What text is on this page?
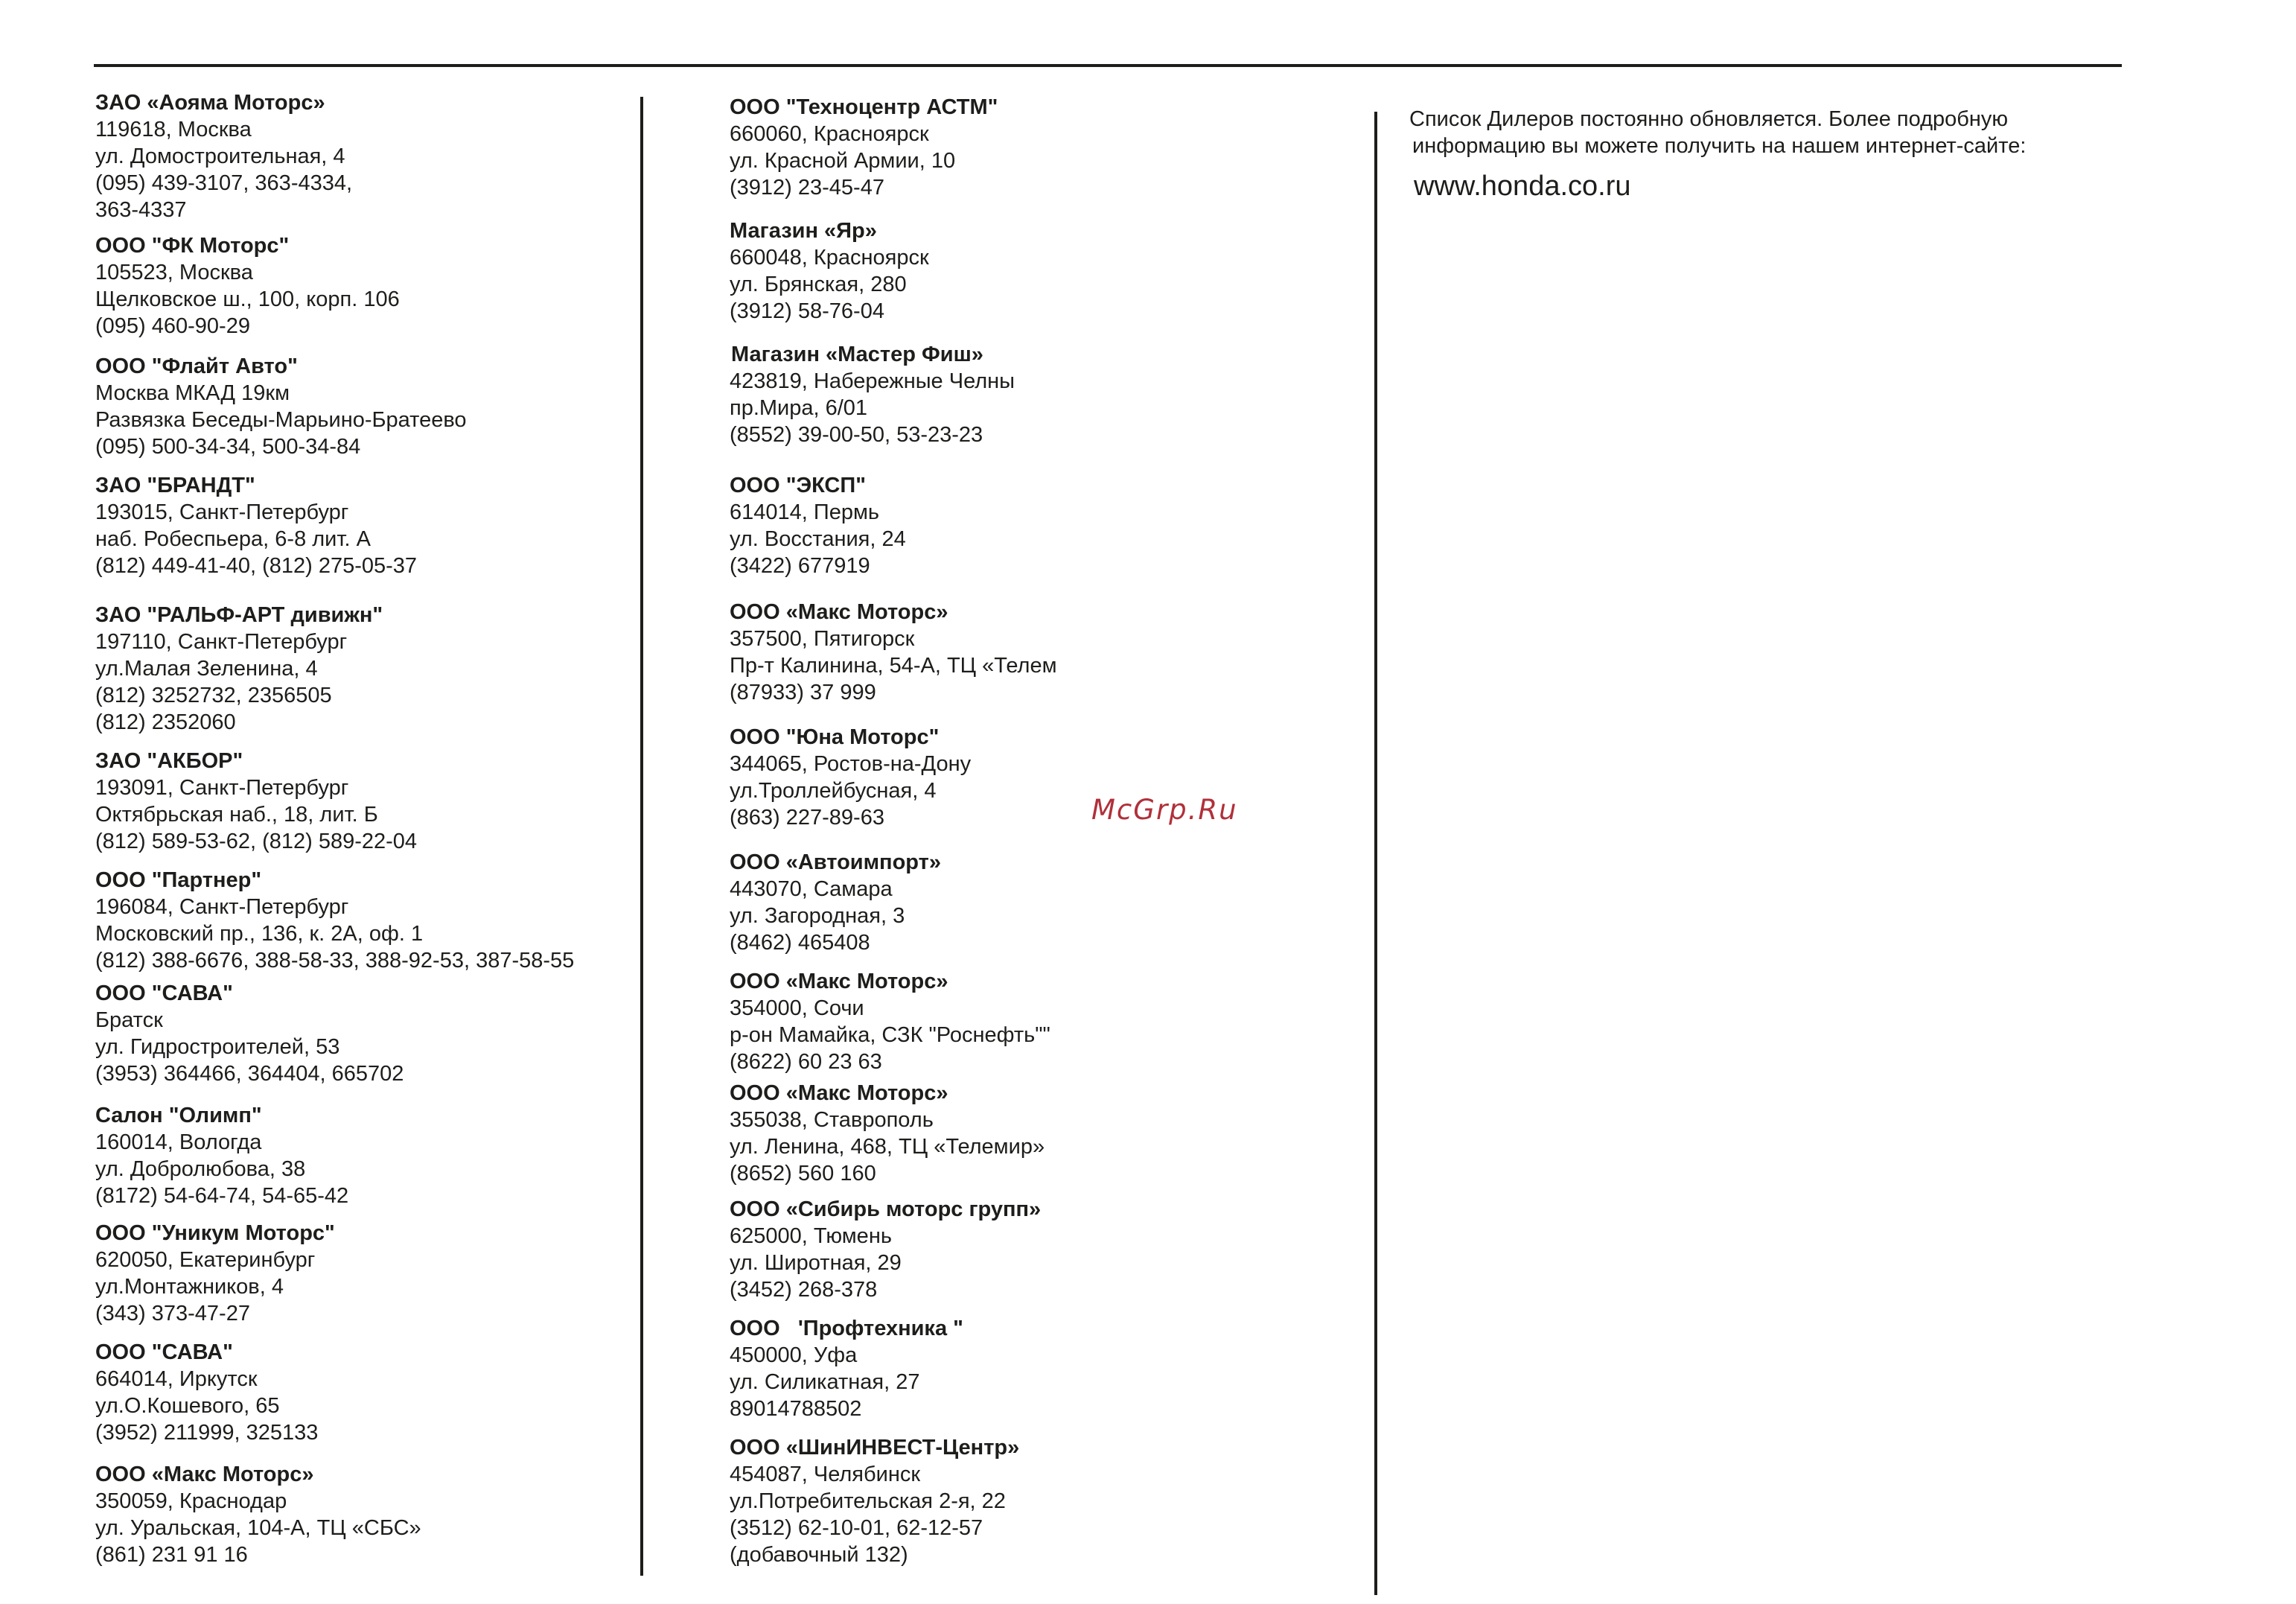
ЗАО «Аояма Моторс»
119618, Москва
ул. Домостроительная, 4
(095) 439-3107, 363-4334,
363-4337
ООО "ФК Моторс"
105523, Москва
Щелковское ш., 100, корп. 106
(095) 460-90-29
ООО "Флайт Авто"
Москва МКАД 19км
Развязка Беседы-Марьино-Братеево
(095) 500-34-34, 500-34-84
ЗАО "БРАНДТ"
193015, Санкт-Петербург
наб. Робеспьера, 6-8 лит. А
(812) 449-41-40, (812) 275-05-37
ЗАО "РАЛЬФ-АРТ дивижн"
197110, Санкт-Петербург
ул.Малая Зеленина, 4
(812) 3252732, 2356505
(812) 2352060
ЗАО "АКБОР"
193091, Санкт-Петербург
Октябрьская наб., 18, лит. Б
(812) 589-53-62, (812) 589-22-04
ООО "Партнер"
196084, Санкт-Петербург
Московский пр., 136, к. 2А, оф. 1
(812) 388-6676, 388-58-33, 388-92-53, 387-58-55
ООО "САВА"
Братск
ул. Гидростроителей, 53
(3953) 364466, 364404, 665702
Салон "Олимп"
160014, Вологда
ул. Добролюбова, 38
(8172) 54-64-74, 54-65-42
ООО "Уникум Моторс"
620050, Екатеринбург
ул.Монтажников, 4
(343) 373-47-27
ООО "САВА"
664014, Иркутск
ул.О.Кошевого, 65
(3952) 211999, 325133
ООО «Макс Моторс»
350059, Краснодар
ул. Уральская, 104-А, ТЦ «СБС»
(861) 231 91 16
ООО "Техноцентр АСТМ"
660060, Красноярск
ул. Красной Армии, 10
(3912) 23-45-47
Магазин «Яр»
660048, Красноярск
ул. Брянская, 280
(3912) 58-76-04
Магазин «Мастер Фиш»
423819, Набережные Челны
пр.Мира, 6/01
(8552) 39-00-50, 53-23-23
ООО "ЭКСП"
614014, Пермь
ул. Восстания, 24
(3422) 677919
ООО «Макс Моторс»
357500, Пятигорск
Пр-т Калинина, 54-А, ТЦ «Телем
(87933) 37 999
ООО "Юна Моторс"
344065, Ростов-на-Дону
ул.Троллейбусная, 4
(863) 227-89-63
ООО «Автоимпорт»
443070, Самара
ул. Загородная, 3
(8462) 465408
ООО «Макс Моторс»
354000, Сочи
р-он Мамайка, СЗК "Роснефть""
(8622) 60 23 63
ООО «Макс Моторс»
355038, Ставрополь
ул. Ленина, 468, ТЦ «Телемир»
(8652) 560 160
ООО «Сибирь моторс групп»
625000, Тюмень
ул. Широтная, 29
(3452) 268-378
ООО   'Профтехника "
450000, Уфа
ул. Силикатная, 27
89014788502
ООО «ШинИНВЕСТ-Центр»
454087, Челябинск
ул.Потребительская 2-я, 22
(3512) 62-10-01, 62-12-57
(добавочный 132)
Список Дилеров постоянно обновляется. Более подробную
информацию вы можете получить на нашем интернет-сайте:
www.honda.co.ru
McGrp.Ru
